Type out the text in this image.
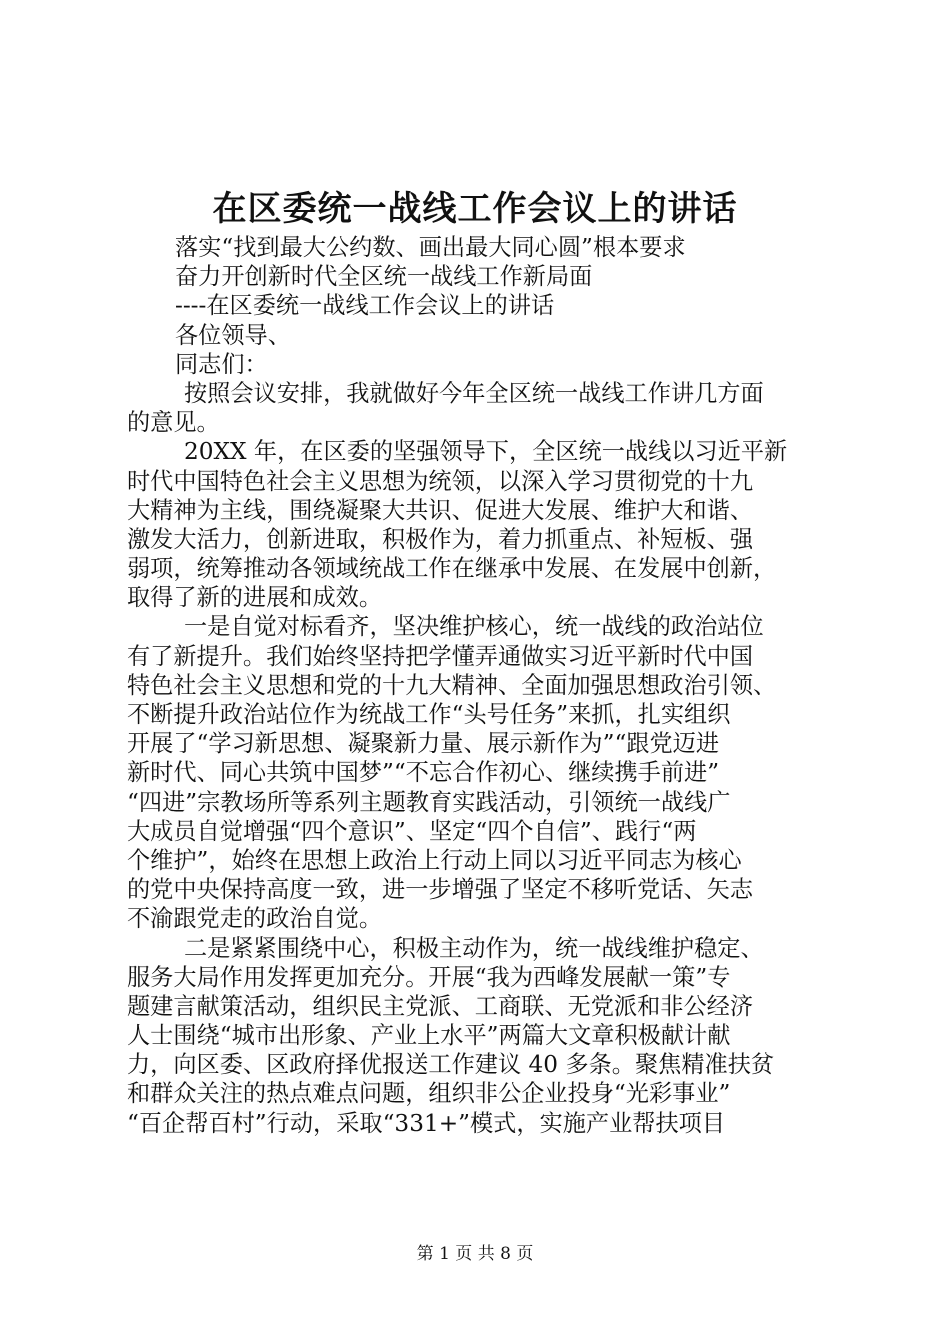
在区委统一战线工作会议上的讲话
落实“找到最大公约数、画出最大同心圆”根本要求
奋力开创新时代全区统一战线工作新局面
----在区委统一战线工作会议上的讲话
各位领导、
同志们：
按照会议安排，我就做好今年全区统一战线工作讲几方面
的意见。
20XX 年，在区委的坚强领导下，全区统一战线以习近平新
时代中国特色社会主义思想为统领，以深入学习贯彻党的十九
大精神为主线，围绕凝聚大共识、促进大发展、维护大和谐、
激发大活力，创新进取，积极作为，着力抓重点、补短板、强
弱项，统筹推动各领域统战工作在继承中发展、在发展中创新，
取得了新的进展和成效。
一是自觉对标看齐，坚决维护核心，统一战线的政治站位
有了新提升。我们始终坚持把学懂弄通做实习近平新时代中国
特色社会主义思想和党的十九大精神、全面加强思想政治引领、
不断提升政治站位作为统战工作“头号任务”来抓，扎实组织
开展了“学习新思想、凝聚新力量、展示新作为”“跟党迈进
新时代、同心共筑中国梦”“不忘合作初心、继续携手前进”
“四进”宗教场所等系列主题教育实践活动，引领统一战线广
大成员自觉增强“四个意识”、坚定“四个自信”、践行“两
个维护”，始终在思想上政治上行动上同以习近平同志为核心
的党中央保持高度一致，进一步增强了坚定不移听党话、矢志
不渝跟党走的政治自觉。
二是紧紧围绕中心，积极主动作为，统一战线维护稳定、
服务大局作用发挥更加充分。开展“我为西峰发展献一策”专
题建言献策活动，组织民主党派、工商联、无党派和非公经济
人士围绕“城市出形象、产业上水平”两篇大文章积极献计献
力，向区委、区政府择优报送工作建议 40 多条。聚焦精准扶贫
和群众关注的热点难点问题，组织非公企业投身“光彩事业”
“百企帮百村”行动，采取“331+”模式，实施产业帮扶项目
第 1 页 共 8 页
